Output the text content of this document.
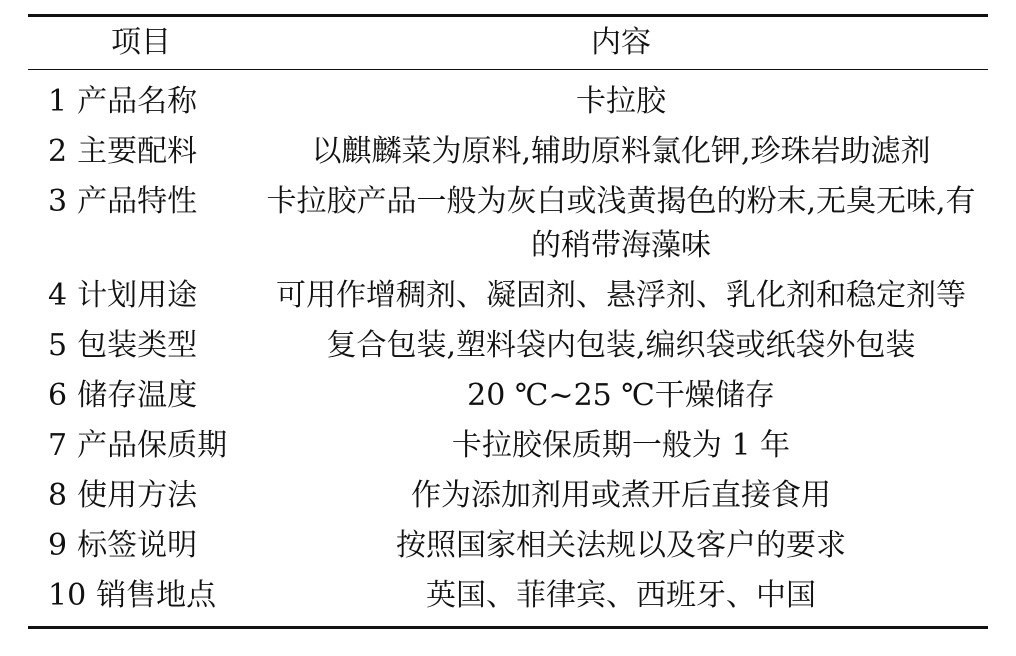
项目	内容
1 产品名称	卡拉胶
2 主要配料	以麒麟菜为原料,辅助原料氯化钾,珍珠岩助滤剂
3 产品特性	卡拉胶产品一般为灰白或浅黄揭色的粉末,无臭无味,有的稍带海藻味
4 计划用途	可用作增稠剂、凝固剂、悬浮剂、乳化剂和稳定剂等
5 包装类型	复合包装,塑料袋内包装,编织袋或纸袋外包装
6 储存温度	20 ℃~25 ℃干燥储存
7 产品保质期	卡拉胶保质期一般为 1 年
8 使用方法	作为添加剂用或煮开后直接食用
9 标签说明	按照国家相关法规以及客户的要求
10 销售地点	英国、菲律宾、西班牙、中国
